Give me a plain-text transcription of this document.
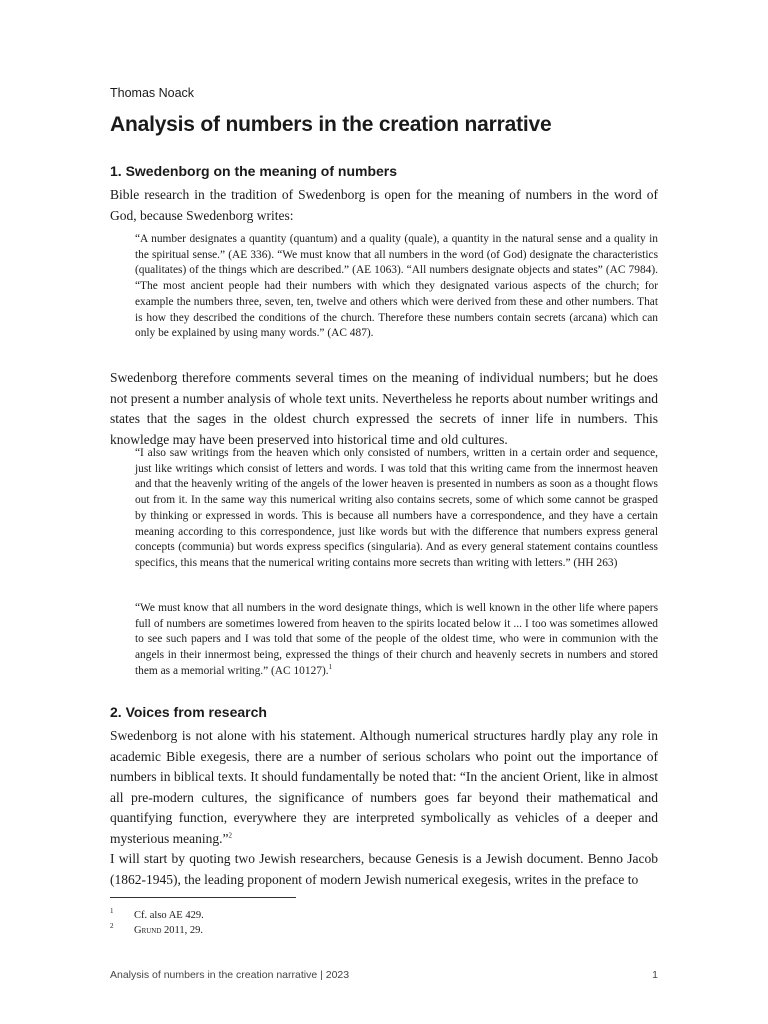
Thomas Noack
Analysis of numbers in the creation narrative
1. Swedenborg on the meaning of numbers

Bible research in the tradition of Swedenborg is open for the meaning of numbers in the word of God, because Swedenborg writes:

“A number designates a quantity (quantum) and a quality (quale), a quantity in the natural sense and a quality in the spiritual sense.” (AE 336). “We must know that all numbers in the word (of God) designate the characteristics (qualitates) of the things which are described.” (AE 1063). “All numbers designate objects and states” (AC 7984). “The most ancient people had their numbers with which they designated various aspects of the church; for example the numbers three, seven, ten, twelve and others which were derived from these and other numbers. That is how they described the conditions of the church. Therefore these numbers contain secrets (arcana) which can only be explained by using many words.” (AC 487).

Swedenborg therefore comments several times on the meaning of individual numbers; but he does not present a number analysis of whole text units. Nevertheless he reports about number writings and states that the sages in the oldest church expressed the secrets of inner life in numbers. This knowledge may have been preserved into historical time and old cultures.

“I also saw writings from the heaven which only consisted of numbers, written in a certain order and sequence, just like writings which consist of letters and words. I was told that this writing came from the innermost heaven and that the heavenly writing of the angels of the lower heaven is presented in numbers as soon as a thought flows out from it. In the same way this numerical writing also contains secrets, some of which some cannot be grasped by thinking or expressed in words. This is because all numbers have a correspondence, and they have a certain meaning according to this correspondence, just like words but with the difference that numbers express general concepts (communia) but words express specifics (singularia). And as every general statement contains countless specifics, this means that the numerical writing contains more secrets than writing with letters.” (HH 263)

“We must know that all numbers in the word designate things, which is well known in the other life where papers full of numbers are sometimes lowered from heaven to the spirits located below it ... I too was sometimes allowed to see such papers and I was told that some of the people of the oldest time, who were in communion with the angels in their innermost being, expressed the things of their church and heavenly secrets in numbers and stored them as a memorial writing.” (AC 10127).$^1$

2. Voices from research

Swedenborg is not alone with his statement. Although numerical structures hardly play any role in academic Bible exegesis, there are a number of serious scholars who point out the importance of numbers in biblical texts. It should fundamentally be noted that: “In the ancient Orient, like in almost all pre-modern cultures, the significance of numbers goes far beyond their mathematical and quantifying function, everywhere they are interpreted symbolically as vehicles of a deeper and mysterious meaning.”$^2$

I will start by quoting two Jewish researchers, because Genesis is a Jewish document. Benno Jacob (1862-1945), the leading proponent of modern Jewish numerical exegesis, writes in the preface to

1 Cf. also AE 429.
2 Grund 2011, 29.
Analysis of numbers in the creation narrative | 2023	1
